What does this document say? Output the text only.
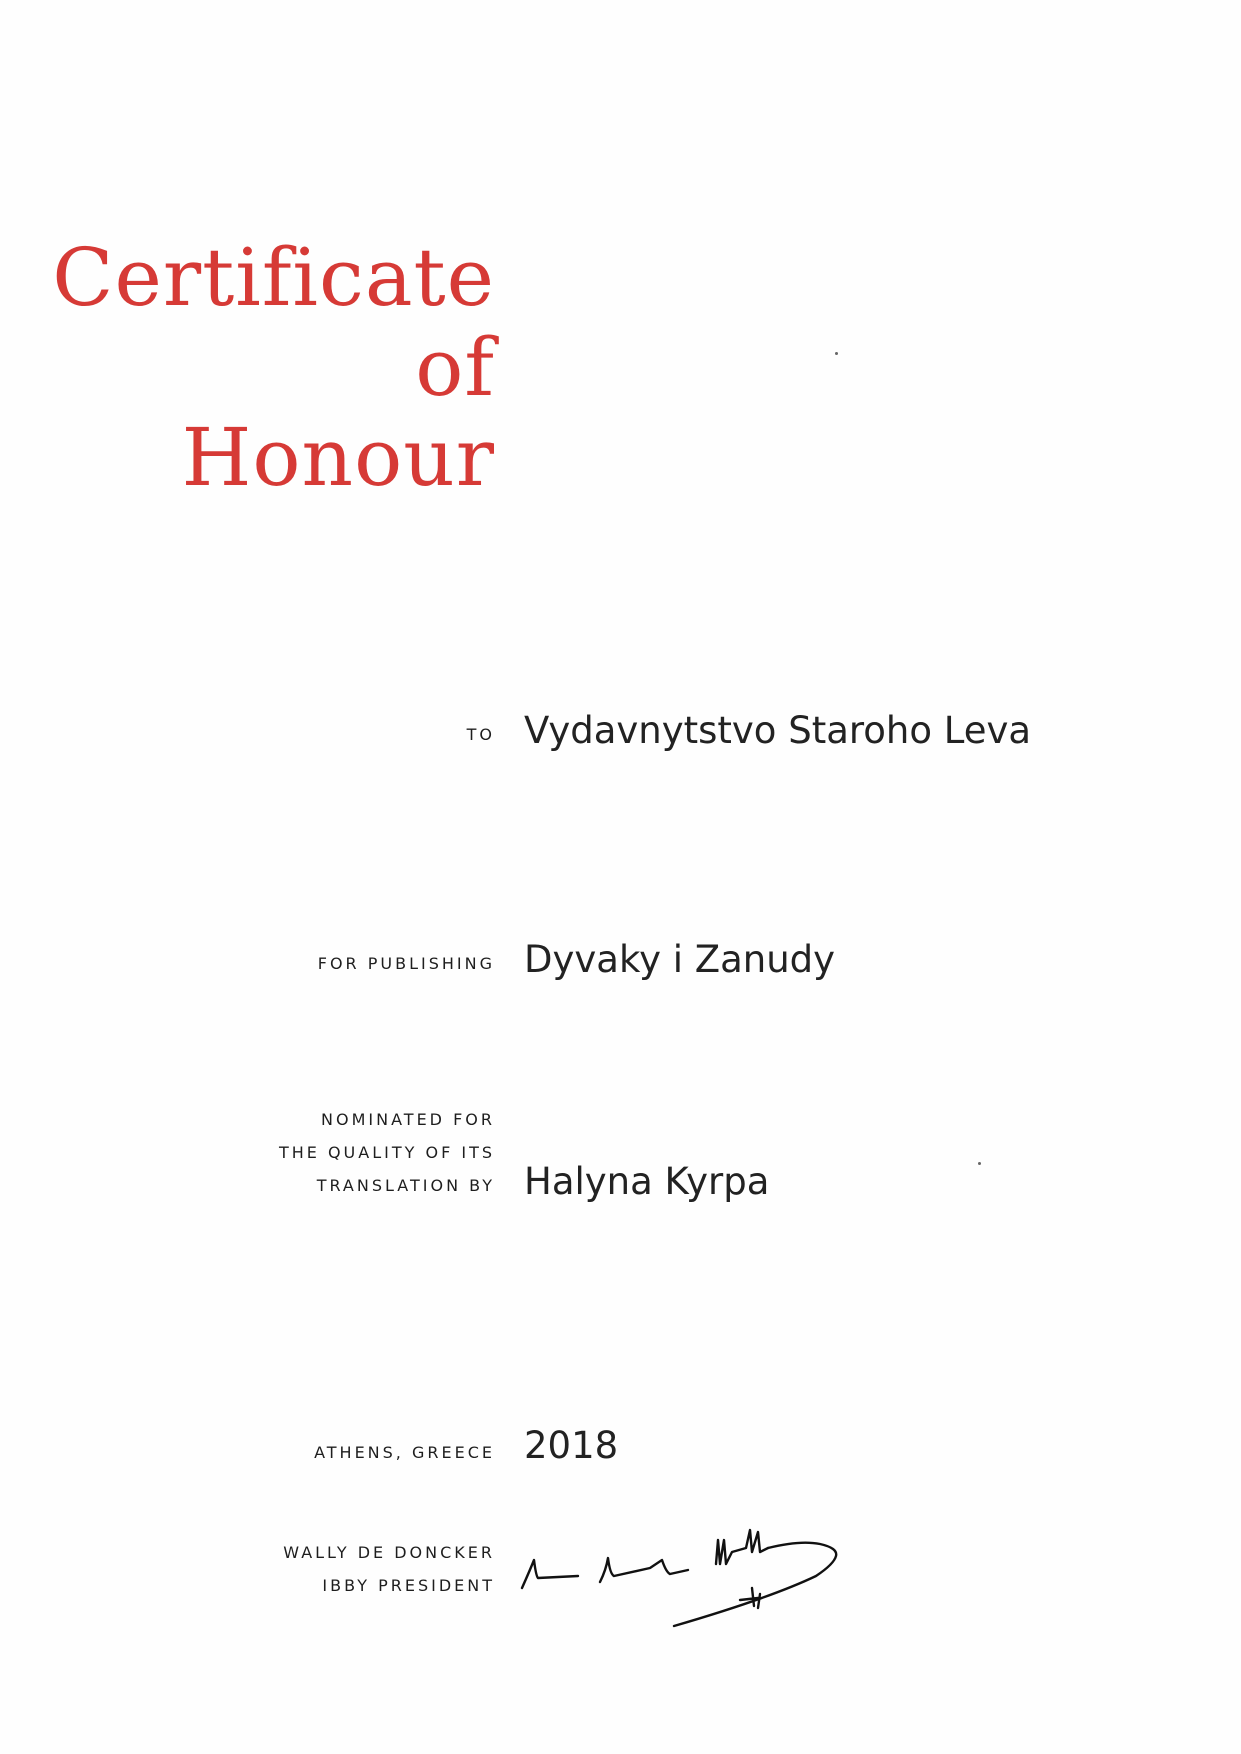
Certificate
of
Honour
TO Vydavnytstvo Staroho Leva
FOR PUBLISHING Dyvaky i Zanudy
NOMINATED FOR
THE QUALITY OF ITS
TRANSLATION BY Halyna Kyrpa
ATHENS, GREECE 2018
WALLY DE DONCKER
IBBY PRESIDENT
